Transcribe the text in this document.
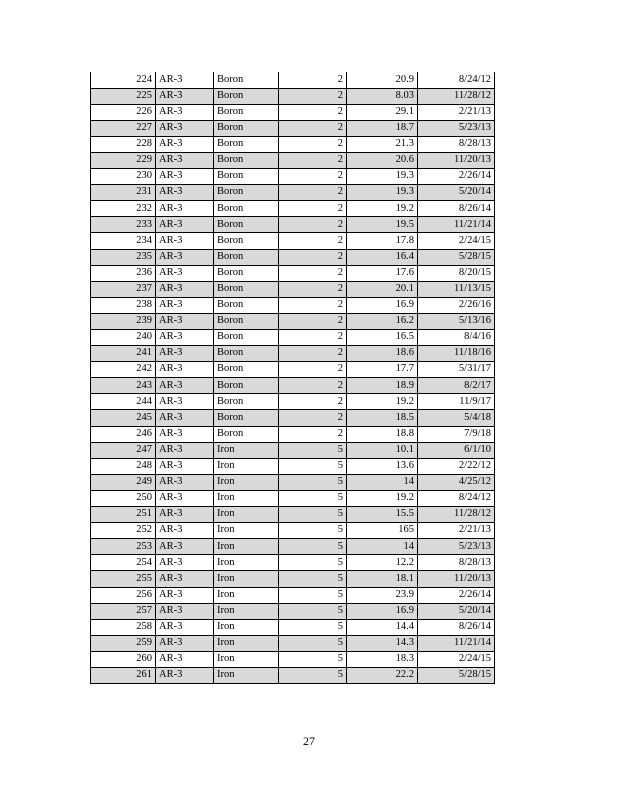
224	AR-3	Boron	2	20.9	8/24/12
225	AR-3	Boron	2	8.03	11/28/12
226	AR-3	Boron	2	29.1	2/21/13
227	AR-3	Boron	2	18.7	5/23/13
228	AR-3	Boron	2	21.3	8/28/13
229	AR-3	Boron	2	20.6	11/20/13
230	AR-3	Boron	2	19.3	2/26/14
231	AR-3	Boron	2	19.3	5/20/14
232	AR-3	Boron	2	19.2	8/26/14
233	AR-3	Boron	2	19.5	11/21/14
234	AR-3	Boron	2	17.8	2/24/15
235	AR-3	Boron	2	16.4	5/28/15
236	AR-3	Boron	2	17.6	8/20/15
237	AR-3	Boron	2	20.1	11/13/15
238	AR-3	Boron	2	16.9	2/26/16
239	AR-3	Boron	2	16.2	5/13/16
240	AR-3	Boron	2	16.5	8/4/16
241	AR-3	Boron	2	18.6	11/18/16
242	AR-3	Boron	2	17.7	5/31/17
243	AR-3	Boron	2	18.9	8/2/17
244	AR-3	Boron	2	19.2	11/9/17
245	AR-3	Boron	2	18.5	5/4/18
246	AR-3	Boron	2	18.8	7/9/18
247	AR-3	Iron	5	10.1	6/1/10
248	AR-3	Iron	5	13.6	2/22/12
249	AR-3	Iron	5	14	4/25/12
250	AR-3	Iron	5	19.2	8/24/12
251	AR-3	Iron	5	15.5	11/28/12
252	AR-3	Iron	5	165	2/21/13
253	AR-3	Iron	5	14	5/23/13
254	AR-3	Iron	5	12.2	8/28/13
255	AR-3	Iron	5	18.1	11/20/13
256	AR-3	Iron	5	23.9	2/26/14
257	AR-3	Iron	5	16.9	5/20/14
258	AR-3	Iron	5	14.4	8/26/14
259	AR-3	Iron	5	14.3	11/21/14
260	AR-3	Iron	5	18.3	2/24/15
261	AR-3	Iron	5	22.2	5/28/15
27
